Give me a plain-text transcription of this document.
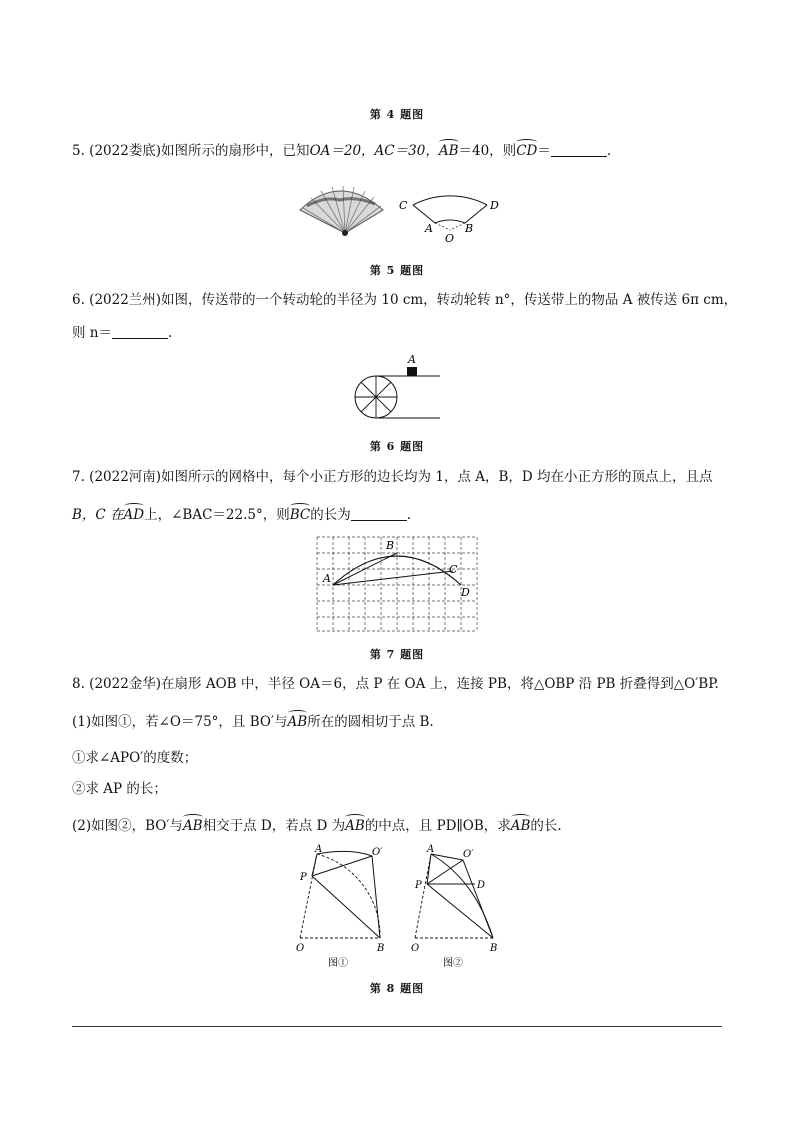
第 4 题图
5. (2022娄底)如图所示的扇形中，已知OA＝20，AC＝30，AB＝40，则CD＝	.
C	D
A
O
B
第 5 题图
6. (2022兰州)如图，传送带的一个转动轮的半径为 10 cm，转动轮转 n°，传送带上的物品 A 被传送 6π cm，
则 n＝	.
A
第 6 题图
7. (2022河南)如图所示的网格中，每个小正方形的边长均为 1，点 A，B，D 均在小正方形的顶点上，且点
B，C 在AD上，∠BAC＝22.5°，则BC的长为	.
A
B
C
D
第 7 题图
8. (2022金华)在扇形 AOB 中，半径 OA＝6，点 P 在 OA 上，连接 PB，将△OBP 沿 PB 折叠得到△O′BP.
(1)如图①，若∠O＝75°，且 BO′与AB所在的圆相切于点 B.
①求∠APO′的度数；
②求 AP 的长；
(2)如图②，BO′与AB相交于点 D，若点 D 为AB的中点，且 PD∥OB，求AB的长.
A	O′
P
O	B
图①
A	O′
D
P
O	B
图②
第 8 题图
